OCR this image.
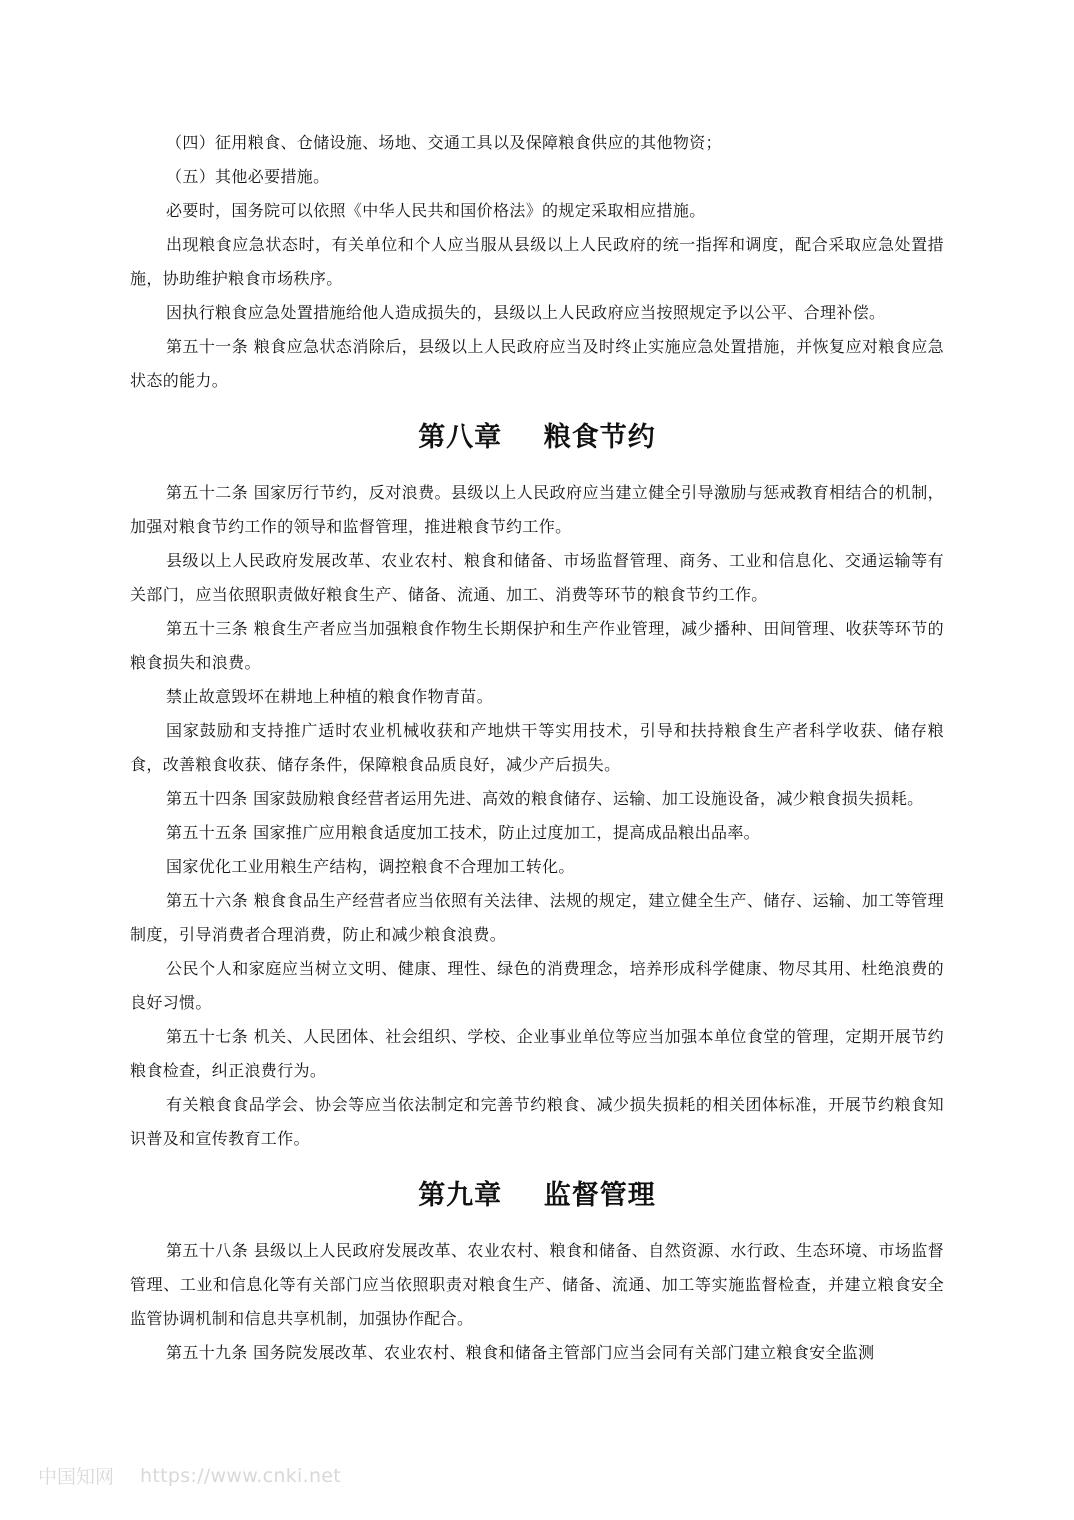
（四）征用粮食、仓储设施、场地、交通工具以及保障粮食供应的其他物资；

（五）其他必要措施。

必要时，国务院可以依照《中华人民共和国价格法》的规定采取相应措施。

出现粮食应急状态时，有关单位和个人应当服从县级以上人民政府的统一指挥和调度，配合采取应急处置措施，协助维护粮食市场秩序。

因执行粮食应急处置措施给他人造成损失的，县级以上人民政府应当按照规定予以公平、合理补偿。

第五十一条 粮食应急状态消除后，县级以上人民政府应当及时终止实施应急处置措施，并恢复应对粮食应急状态的能力。

第八章    粮食节约

第五十二条 国家厉行节约，反对浪费。县级以上人民政府应当建立健全引导激励与惩戒教育相结合的机制，加强对粮食节约工作的领导和监督管理，推进粮食节约工作。

县级以上人民政府发展改革、农业农村、粮食和储备、市场监督管理、商务、工业和信息化、交通运输等有关部门，应当依照职责做好粮食生产、储备、流通、加工、消费等环节的粮食节约工作。

第五十三条 粮食生产者应当加强粮食作物生长期保护和生产作业管理，减少播种、田间管理、收获等环节的粮食损失和浪费。

禁止故意毁坏在耕地上种植的粮食作物青苗。

国家鼓励和支持推广适时农业机械收获和产地烘干等实用技术，引导和扶持粮食生产者科学收获、储存粮食，改善粮食收获、储存条件，保障粮食品质良好，减少产后损失。

第五十四条 国家鼓励粮食经营者运用先进、高效的粮食储存、运输、加工设施设备，减少粮食损失损耗。

第五十五条 国家推广应用粮食适度加工技术，防止过度加工，提高成品粮出品率。

国家优化工业用粮生产结构，调控粮食不合理加工转化。

第五十六条 粮食食品生产经营者应当依照有关法律、法规的规定，建立健全生产、储存、运输、加工等管理制度，引导消费者合理消费，防止和减少粮食浪费。

公民个人和家庭应当树立文明、健康、理性、绿色的消费理念，培养形成科学健康、物尽其用、杜绝浪费的良好习惯。

第五十七条 机关、人民团体、社会组织、学校、企业事业单位等应当加强本单位食堂的管理，定期开展节约粮食检查，纠正浪费行为。

有关粮食食品学会、协会等应当依法制定和完善节约粮食、减少损失损耗的相关团体标准，开展节约粮食知识普及和宣传教育工作。

第九章    监督管理

第五十八条 县级以上人民政府发展改革、农业农村、粮食和储备、自然资源、水行政、生态环境、市场监督管理、工业和信息化等有关部门应当依照职责对粮食生产、储备、流通、加工等实施监督检查，并建立粮食安全监管协调机制和信息共享机制，加强协作配合。

第五十九条 国务院发展改革、农业农村、粮食和储备主管部门应当会同有关部门建立粮食安全监测

中国知网 https://www.cnki.net
